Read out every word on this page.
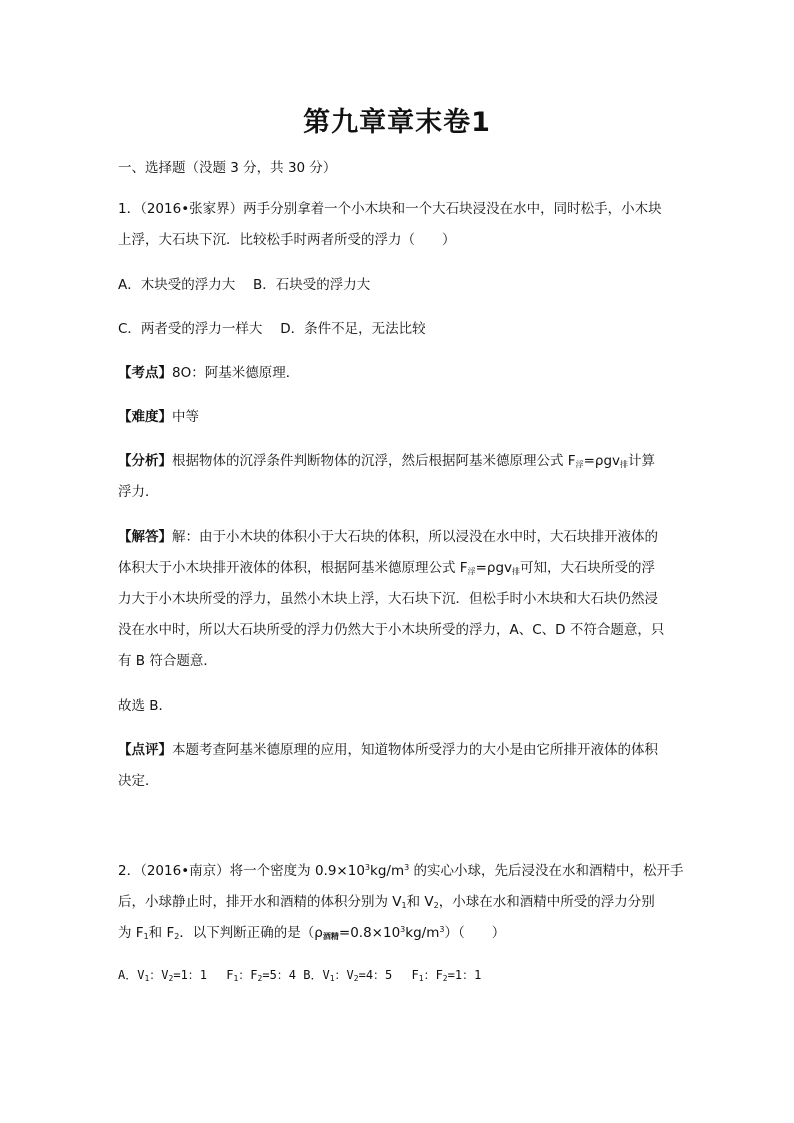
第九章章末卷1
一、选择题（没题 3 分，共 30 分）
1．（2016•张家界）两手分别拿着一个小木块和一个大石块浸没在水中，同时松手，小木块
上浮，大石块下沉．比较松手时两者所受的浮力（　　）
A．木块受的浮力大　 B．石块受的浮力大
C．两者受的浮力一样大　 D．条件不足，无法比较
【考点】8O：阿基米德原理．
【难度】中等
【分析】根据物体的沉浮条件判断物体的沉浮，然后根据阿基米德原理公式 $F_浮=\rho gv_排$计算
浮力．
【解答】解：由于小木块的体积小于大石块的体积，所以浸没在水中时，大石块排开液体的
体积大于小木块排开液体的体积，根据阿基米德原理公式 $F_浮=\rho gv_排$可知，大石块所受的浮
力大于小木块所受的浮力，虽然小木块上浮，大石块下沉．但松手时小木块和大石块仍然浸
没在水中时，所以大石块所受的浮力仍然大于小木块所受的浮力，A、C、D 不符合题意，只
有 B 符合题意．
故选 B．
【点评】本题考查阿基米德原理的应用，知道物体所受浮力的大小是由它所排开液体的体积
决定．
2．（2016•南京）将一个密度为 $0.9\times 10^3kg/m^3$ 的实心小球，先后浸没在水和酒精中，松开手
后，小球静止时，排开水和酒精的体积分别为 $V_1$和 $V_2$，小球在水和酒精中所受的浮力分别
为 $F_1$和 $F_2$．以下判断正确的是$(\rho_{酒精}=0.8\times 10^3kg/m^3)$（　　）
A．$V_1$：$V_2=1$：1　 $F_1$：$F_2=5$：4 B．$V_1$：$V_2=4$：5　 $F_1$：$F_2=1$：1
